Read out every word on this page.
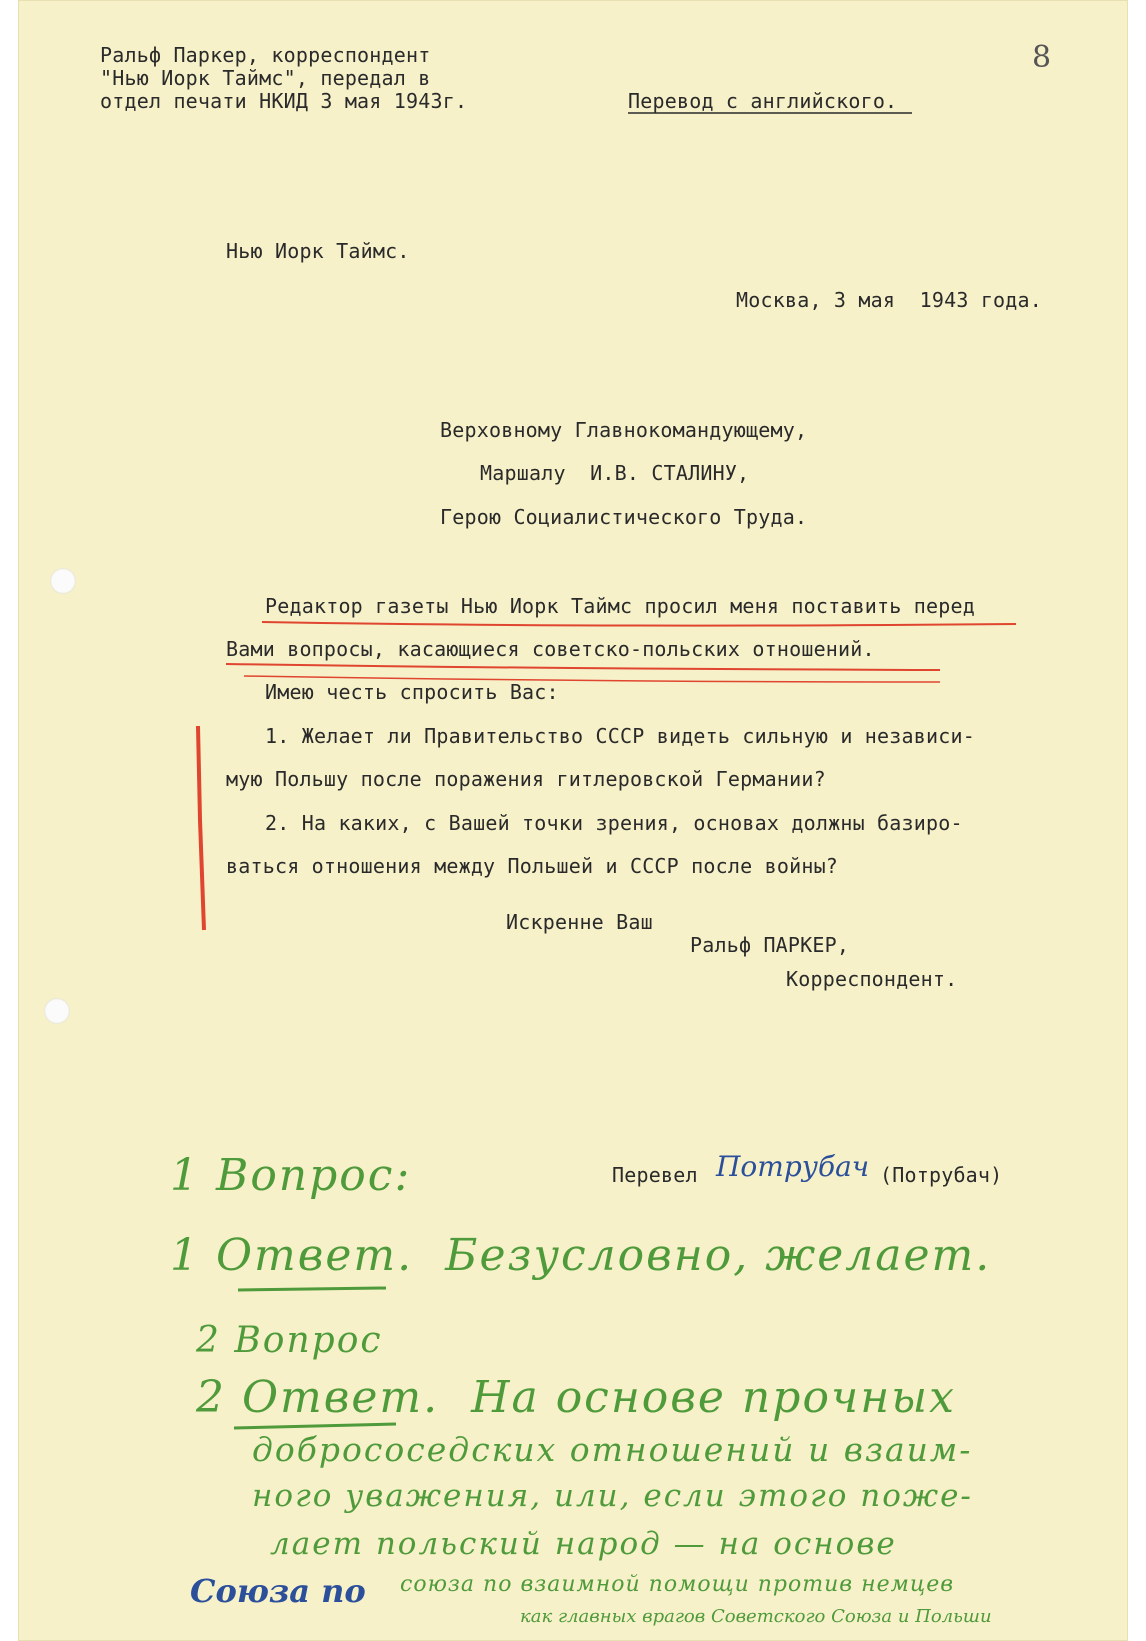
8
Ральф Паркер, корреспондент
"Нью Иорк Таймс", передал в
отдел печати НКИД 3 мая 1943г.	Перевод с английского.
Нью Иорк Таймс.
Москва, 3 мая  1943 года.
Верховному Главнокомандующему,
Маршалу  И.В. СТАЛИНУ,
Герою Социалистического Труда.
Редактор газеты Нью Иорк Таймс просил меня поставить перед
Вами вопросы, касающиеся советско-польских отношений.
Имею честь спросить Вас:
1. Желает ли Правительство СССР видеть сильную и независи-
мую Польшу после поражения гитлеровской Германии?
2. На каких, с Вашей точки зрения, основах должны базиро-
ваться отношения между Польшей и СССР после войны?
Искренне Ваш
Ральф ПАРКЕР,
Корреспондент.
Перевел Потрубач (Потрубач)
1 Вопрос:
1 Ответ.  Безусловно, желает.
2 Вопрос
2 Ответ.  На основе прочных
добрососедских отношений и взаим-
ного уважения, или, если этого поже-
лает польский народ — на основе
союза по взаимной помощи против немцев
как главных врагов Советского Союза и Польши
Союза по
